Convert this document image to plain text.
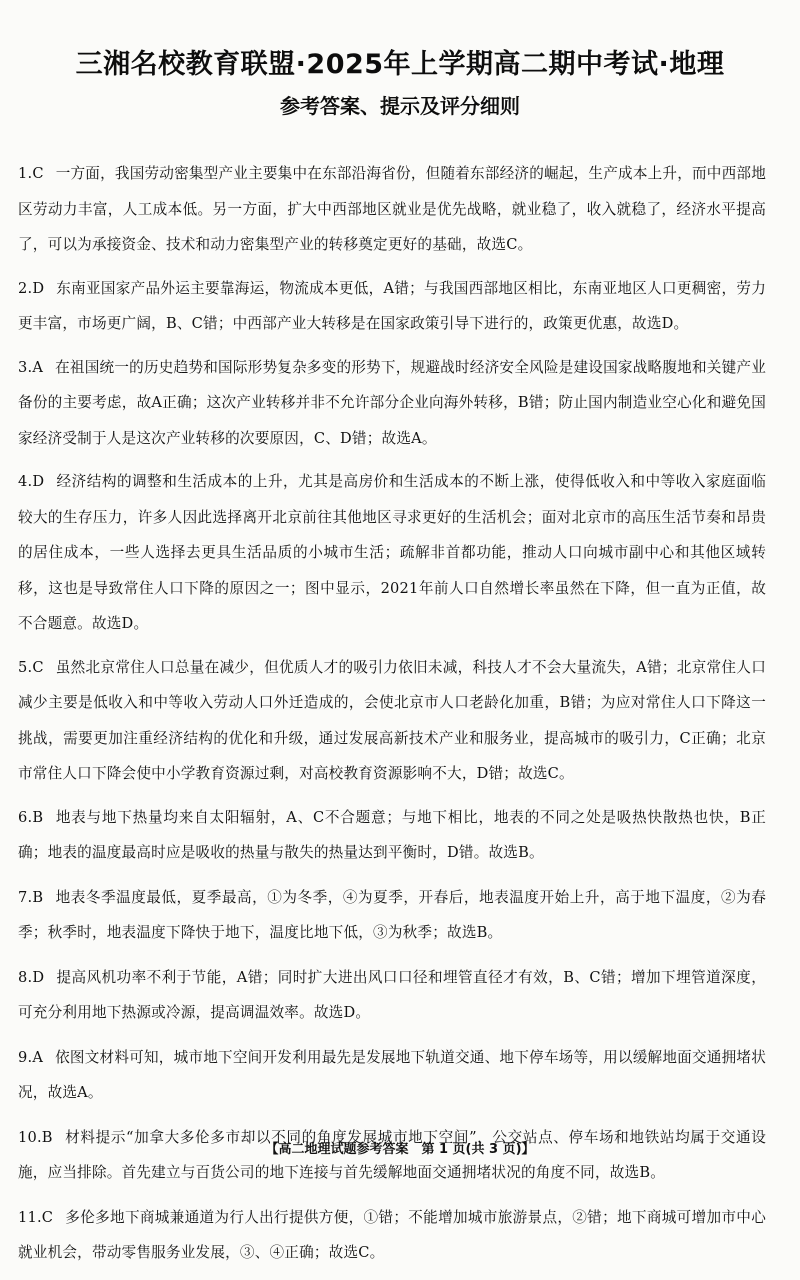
三湘名校教育联盟·2025年上学期高二期中考试·地理
参考答案、提示及评分细则

1.C 一方面，我国劳动密集型产业主要集中在东部沿海省份，但随着东部经济的崛起，生产成本上升，而中西部地区劳动力丰富，人工成本低。另一方面，扩大中西部地区就业是优先战略，就业稳了，收入就稳了，经济水平提高了，可以为承接资金、技术和动力密集型产业的转移奠定更好的基础，故选C。

2.D 东南亚国家产品外运主要靠海运，物流成本更低，A错；与我国西部地区相比，东南亚地区人口更稠密，劳力更丰富，市场更广阔，B、C错；中西部产业大转移是在国家政策引导下进行的，政策更优惠，故选D。

3.A 在祖国统一的历史趋势和国际形势复杂多变的形势下，规避战时经济安全风险是建设国家战略腹地和关键产业备份的主要考虑，故A正确；这次产业转移并非不允许部分企业向海外转移，B错；防止国内制造业空心化和避免国家经济受制于人是这次产业转移的次要原因，C、D错；故选A。

4.D 经济结构的调整和生活成本的上升，尤其是高房价和生活成本的不断上涨，使得低收入和中等收入家庭面临较大的生存压力，许多人因此选择离开北京前往其他地区寻求更好的生活机会；面对北京市的高压生活节奏和昂贵的居住成本，一些人选择去更具生活品质的小城市生活；疏解非首都功能，推动人口向城市副中心和其他区域转移，这也是导致常住人口下降的原因之一；图中显示，2021年前人口自然增长率虽然在下降，但一直为正值，故不合题意。故选D。

5.C 虽然北京常住人口总量在减少，但优质人才的吸引力依旧未减，科技人才不会大量流失，A错；北京常住人口减少主要是低收入和中等收入劳动人口外迁造成的，会使北京市人口老龄化加重，B错；为应对常住人口下降这一挑战，需要更加注重经济结构的优化和升级，通过发展高新技术产业和服务业，提高城市的吸引力，C正确；北京市常住人口下降会使中小学教育资源过剩，对高校教育资源影响不大，D错；故选C。

6.B 地表与地下热量均来自太阳辐射，A、C不合题意；与地下相比，地表的不同之处是吸热快散热也快，B正确；地表的温度最高时应是吸收的热量与散失的热量达到平衡时，D错。故选B。

7.B 地表冬季温度最低，夏季最高，①为冬季，④为夏季，开春后，地表温度开始上升，高于地下温度，②为春季；秋季时，地表温度下降快于地下，温度比地下低，③为秋季；故选B。

8.D 提高风机功率不利于节能，A错；同时扩大进出风口口径和埋管直径才有效，B、C错；增加下埋管道深度，可充分利用地下热源或冷源，提高调温效率。故选D。

9.A 依图文材料可知，城市地下空间开发利用最先是发展地下轨道交通、地下停车场等，用以缓解地面交通拥堵状况，故选A。

10.B 材料提示“加拿大多伦多市却以不同的角度发展城市地下空间”，公交站点、停车场和地铁站均属于交通设施，应当排除。首先建立与百货公司的地下连接与首先缓解地面交通拥堵状况的角度不同，故选B。

11.C 多伦多地下商城兼通道为行人出行提供方便，①错；不能增加城市旅游景点，②错；地下商城可增加市中心就业机会，带动零售服务业发展，③、④正确；故选C。

【高二地理试题参考答案　第 1 页(共 3 页)】
